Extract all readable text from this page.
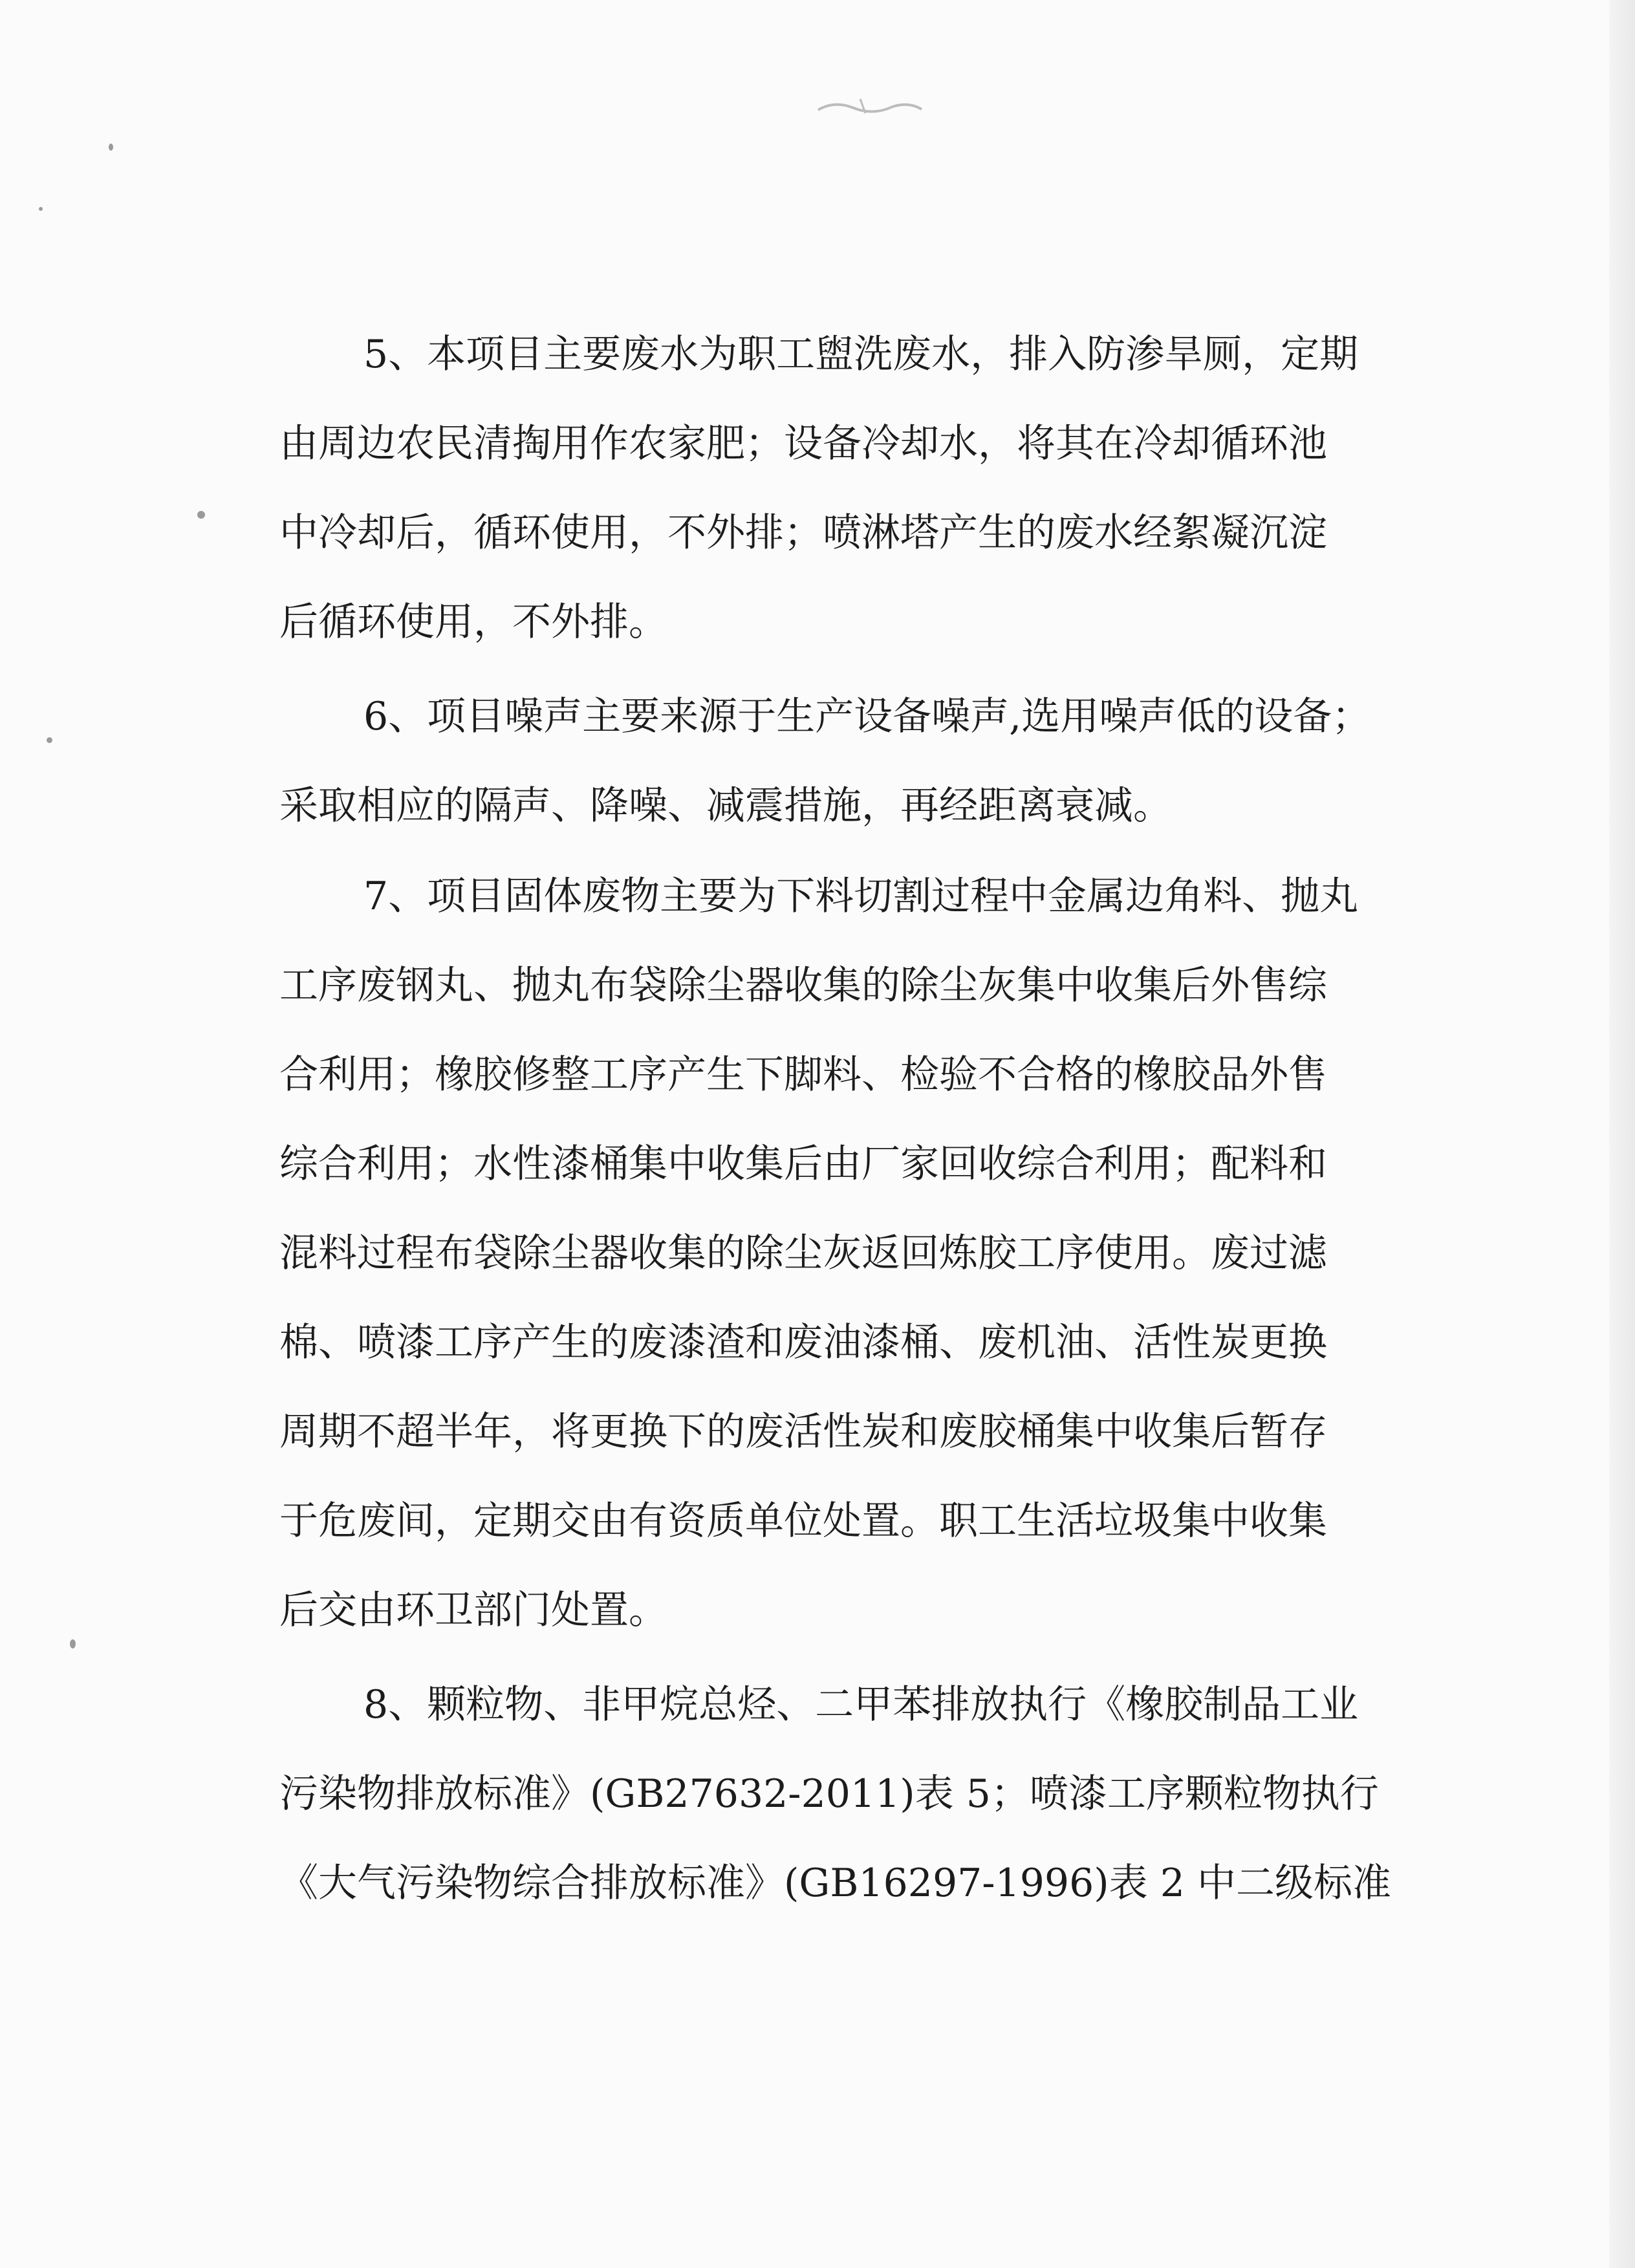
5、本项目主要废水为职工盥洗废水，排入防渗旱厕，定期
由周边农民清掏用作农家肥；设备冷却水，将其在冷却循环池
中冷却后，循环使用，不外排；喷淋塔产生的废水经絮凝沉淀
后循环使用，不外排。
6、项目噪声主要来源于生产设备噪声,选用噪声低的设备；
采取相应的隔声、降噪、减震措施，再经距离衰减。
7、项目固体废物主要为下料切割过程中金属边角料、抛丸
工序废钢丸、抛丸布袋除尘器收集的除尘灰集中收集后外售综
合利用；橡胶修整工序产生下脚料、检验不合格的橡胶品外售
综合利用；水性漆桶集中收集后由厂家回收综合利用；配料和
混料过程布袋除尘器收集的除尘灰返回炼胶工序使用。废过滤
棉、喷漆工序产生的废漆渣和废油漆桶、废机油、活性炭更换
周期不超半年，将更换下的废活性炭和废胶桶集中收集后暂存
于危废间，定期交由有资质单位处置。职工生活垃圾集中收集
后交由环卫部门处置。
8、颗粒物、非甲烷总烃、二甲苯排放执行《橡胶制品工业
污染物排放标准》(GB27632-2011)表 5；喷漆工序颗粒物执行
《大气污染物综合排放标准》(GB16297-1996)表 2 中二级标准
